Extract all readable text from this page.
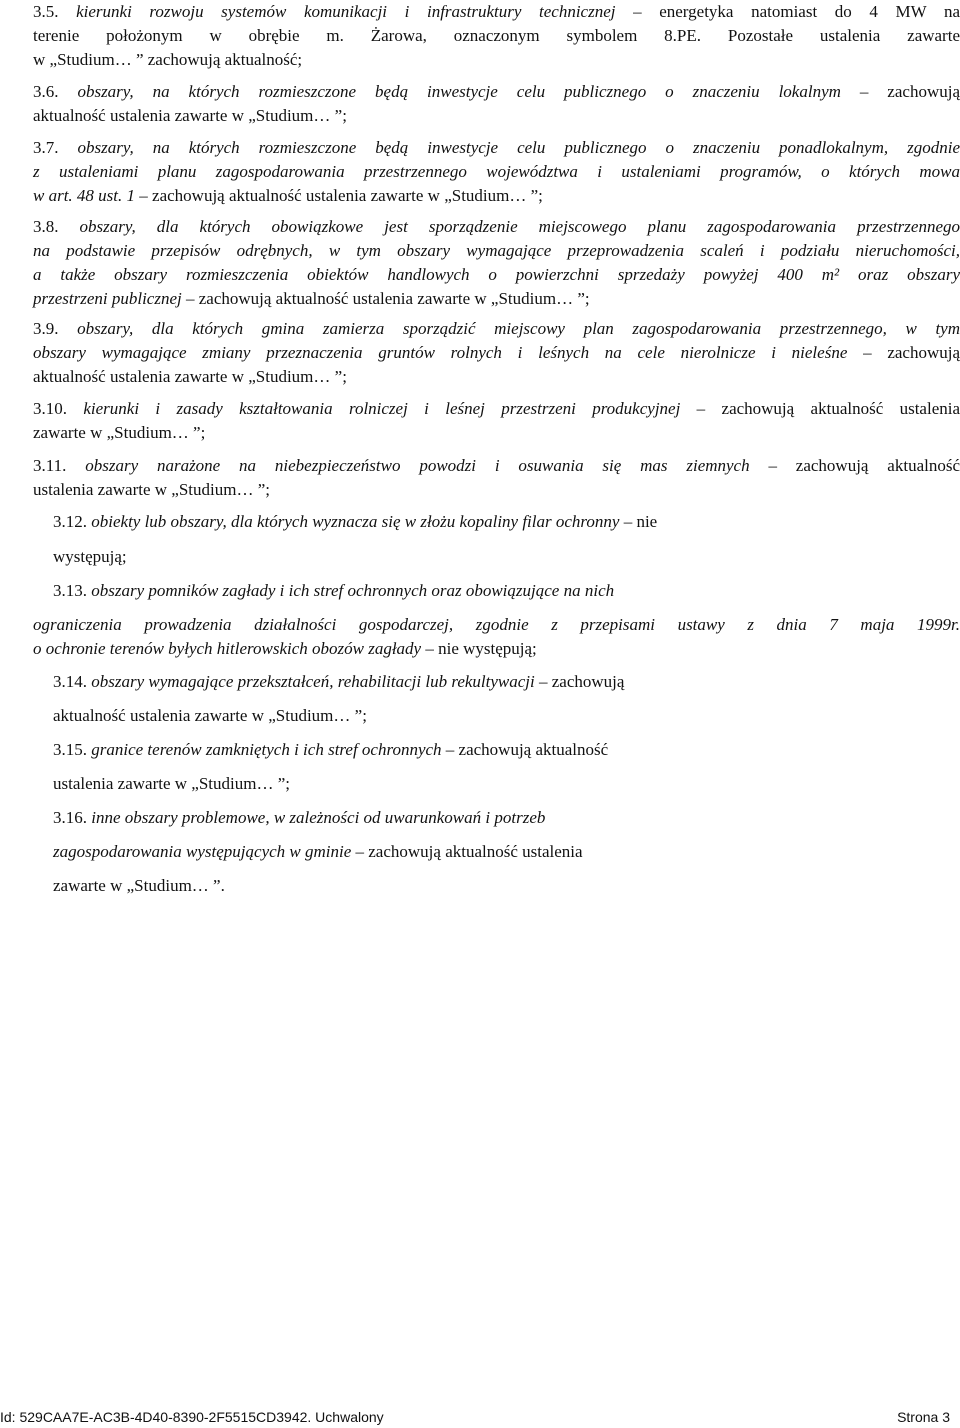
3.5. kierunki rozwoju systemów komunikacji i infrastruktury technicznej – energetyka natomiast do 4 MW na
terenie położonym w obrębie m. Żarowa, oznaczonym symbolem 8.PE. Pozostałe ustalenia zawarte
w „Studium… ” zachowują aktualność;
3.6. obszary, na których rozmieszczone będą inwestycje celu publicznego o znaczeniu lokalnym – zachowują
aktualność ustalenia zawarte w „Studium… ”;
3.7. obszary, na których rozmieszczone będą inwestycje celu publicznego o znaczeniu ponadlokalnym, zgodnie
z ustaleniami planu zagospodarowania przestrzennego województwa i ustaleniami programów, o których mowa
w art. 48 ust. 1 – zachowują aktualność ustalenia zawarte w „Studium… ”;
3.8. obszary, dla których obowiązkowe jest sporządzenie miejscowego planu zagospodarowania przestrzennego
na podstawie przepisów odrębnych, w tym obszary wymagające przeprowadzenia scaleń i podziału nieruchomości,
a także obszary rozmieszczenia obiektów handlowych o powierzchni sprzedaży powyżej 400 m² oraz obszary
przestrzeni publicznej – zachowują aktualność ustalenia zawarte w „Studium… ”;
3.9. obszary, dla których gmina zamierza sporządzić miejscowy plan zagospodarowania przestrzennego, w tym
obszary wymagające zmiany przeznaczenia gruntów rolnych i leśnych na cele nierolnicze i nieleśne – zachowują
aktualność ustalenia zawarte w „Studium… ”;
3.10. kierunki i zasady kształtowania rolniczej i leśnej przestrzeni produkcyjnej – zachowują aktualność ustalenia
zawarte w „Studium… ”;
3.11. obszary narażone na niebezpieczeństwo powodzi i osuwania się mas ziemnych – zachowują aktualność
ustalenia zawarte w „Studium… ”;
3.12. obiekty lub obszary, dla których wyznacza się w złożu kopaliny filar ochronny – nie
występują;
3.13. obszary pomników zagłady i ich stref ochronnych oraz obowiązujące na nich
ograniczenia prowadzenia działalności gospodarczej, zgodnie z przepisami ustawy z dnia 7 maja 1999r.
o ochronie terenów byłych hitlerowskich obozów zagłady – nie występują;
3.14. obszary wymagające przekształceń, rehabilitacji lub rekultywacji – zachowują
aktualność ustalenia zawarte w „Studium… ”;
3.15. granice terenów zamkniętych i ich stref ochronnych – zachowują aktualność
ustalenia zawarte w „Studium… ”;
3.16. inne obszary problemowe, w zależności od uwarunkowań i potrzeb
zagospodarowania występujących w gminie – zachowują aktualność ustalenia
zawarte w „Studium… ”.
Id: 529CAA7E-AC3B-4D40-8390-2F5515CD3942. Uchwalony	Strona 3
